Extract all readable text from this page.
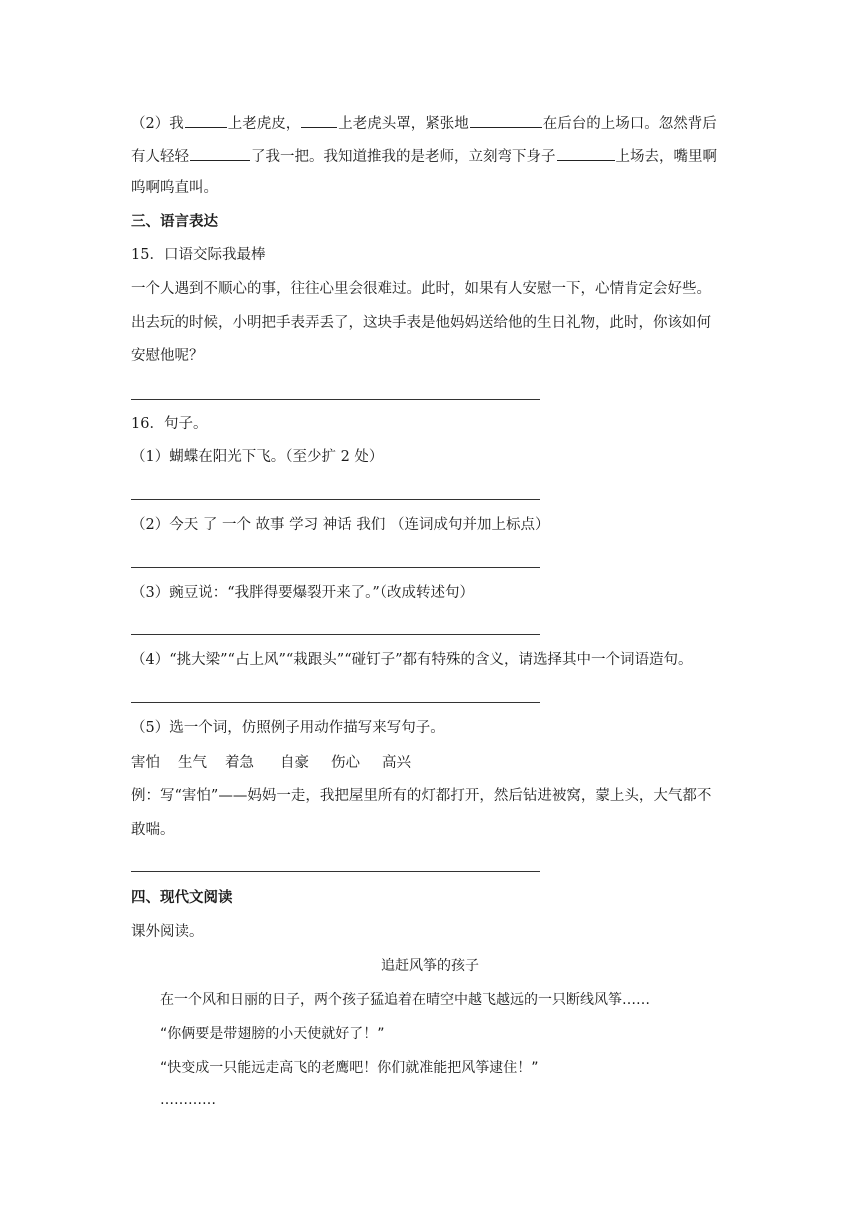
（2）我	上老虎皮，	上老虎头罩，紧张地	在后台的上场口。忽然背后
有人轻轻	了我一把。我知道推我的是老师，立刻弯下身子	上场去，嘴里啊
呜啊呜直叫。
三、语言表达
15．口语交际我最棒
一个人遇到不顺心的事，往往心里会很难过。此时，如果有人安慰一下，心情肯定会好些。
出去玩的时候，小明把手表弄丢了，这块手表是他妈妈送给他的生日礼物，此时，你该如何
安慰他呢？
16．句子。
（1）蝴蝶在阳光下飞。（至少扩 2 处）
（2）今天 了 一个 故事 学习 神话 我们 （连词成句并加上标点）
（3）豌豆说：“我胖得要爆裂开来了。”（改成转述句）
（4）“挑大梁”“占上风”“栽跟头”“碰钉子”都有特殊的含义，请选择其中一个词语造句。
（5）选一个词，仿照例子用动作描写来写句子。
害怕 生气 着急 自豪 伤心 高兴
例：写“害怕”——妈妈一走，我把屋里所有的灯都打开，然后钻进被窝，蒙上头，大气都不
敢喘。
四、现代文阅读
课外阅读。
追赶风筝的孩子
在一个风和日丽的日子，两个孩子猛追着在晴空中越飞越远的一只断线风筝……
“你俩要是带翅膀的小天使就好了！”
“快变成一只能远走高飞的老鹰吧！你们就准能把风筝逮住！”
…………
